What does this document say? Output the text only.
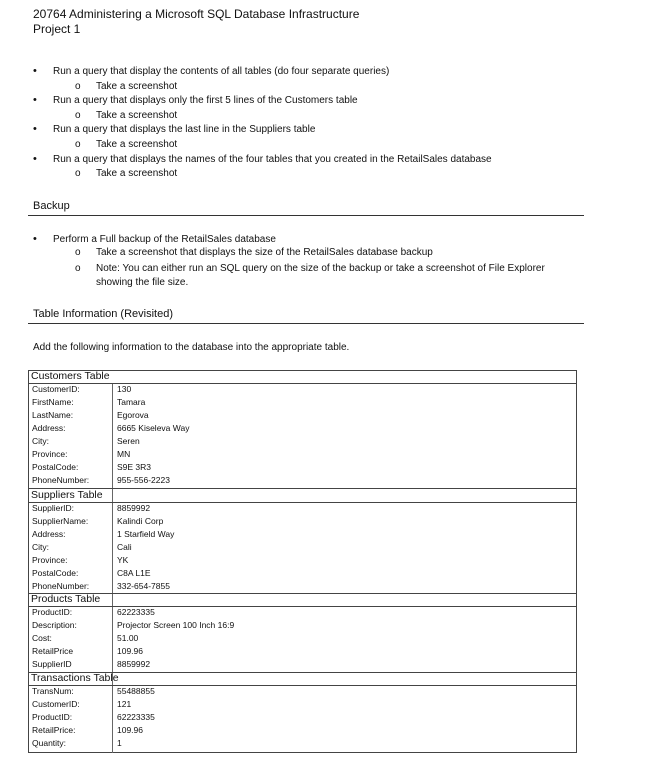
20764 Administering a Microsoft SQL Database Infrastructure
Project 1
• Run a query that display the contents of all tables (do four separate queries)
o Take a screenshot
• Run a query that displays only the first 5 lines of the Customers table
o Take a screenshot
• Run a query that displays the last line in the Suppliers table
o Take a screenshot
• Run a query that displays the names of the four tables that you created in the RetailSales database
o Take a screenshot
Backup
• Perform a Full backup of the RetailSales database
o Take a screenshot that displays the size of the RetailSales database backup
o Note: You can either run an SQL query on the size of the backup or take a screenshot of File Explorer
showing the file size.
Table Information (Revisited)
Add the following information to the database into the appropriate table.
Customers Table
CustomerID:	130
FirstName:	Tamara
LastName:	Egorova
Address:	6665 Kiseleva Way
City:	Seren
Province:	MN
PostalCode:	S9E 3R3
PhoneNumber:	955-556-2223
Suppliers Table
SupplierID:	8859992
SupplierName:	Kalindi Corp
Address:	1 Starfield Way
City:	Cali
Province:	YK
PostalCode:	C8A L1E
PhoneNumber:	332-654-7855
Products Table
ProductID:	62223335
Description:	Projector Screen 100 Inch 16:9
Cost:	51.00
RetailPrice	109.96
SupplierID	8859992
Transactions Table
TransNum:	55488855
CustomerID:	121
ProductID:	62223335
RetailPrice:	109.96
Quantity:	1
